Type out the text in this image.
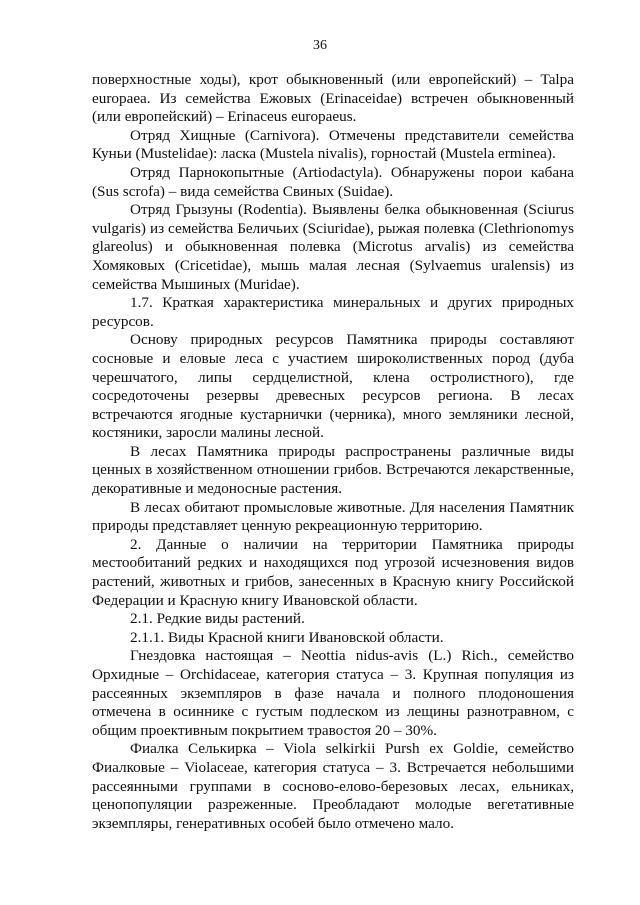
36

поверхностные ходы), крот обыкновенный (или европейский) – Talpa europaea. Из семейства Ежовых (Erinaceidae) встречен обыкновенный (или европейский) – Erinaceus europaeus.

Отряд Хищные (Carnivora). Отмечены представители семейства Куньи (Mustelidae): ласка (Mustela nivalis), горностай (Mustela erminea).

Отряд Парнокопытные (Artiodactyla). Обнаружены порои кабана (Sus scrofa) – вида семейства Свиных (Suidae).

Отряд Грызуны (Rodentia). Выявлены белка обыкновенная (Sciurus vulgaris) из семейства Беличьих (Sciuridae), рыжая полевка (Clethrionomys glareolus) и обыкновенная полевка (Microtus arvalis) из семейства Хомяковых (Cricetidae), мышь малая лесная (Sylvaemus uralensis) из семейства Мышиных (Muridae).

1.7. Краткая характеристика минеральных и других природных ресурсов.

Основу природных ресурсов Памятника природы составляют сосновые и еловые леса с участием широколиственных пород (дуба черешчатого, липы сердцелистной, клена остролистного), где сосредоточены резервы древесных ресурсов региона. В лесах встречаются ягодные кустарнички (черника), много земляники лесной, костяники, заросли малины лесной.

В лесах Памятника природы распространены различные виды ценных в хозяйственном отношении грибов. Встречаются лекарственные, декоративные и медоносные растения.

В лесах обитают промысловые животные. Для населения Памятник природы представляет ценную рекреационную территорию.

2. Данные о наличии на территории Памятника природы местообитаний редких и находящихся под угрозой исчезновения видов растений, животных и грибов, занесенных в Красную книгу Российской Федерации и Красную книгу Ивановской области.

2.1. Редкие виды растений.

2.1.1. Виды Красной книги Ивановской области.

Гнездовка настоящая – Neottia nidus-avis (L.) Rich., семейство Орхидные – Orchidaceae, категория статуса – 3. Крупная популяция из рассеянных экземпляров в фазе начала и полного плодоношения отмечена в осиннике с густым подлеском из лещины разнотравном, с общим проективным покрытием травостоя 20 – 30%.

Фиалка Селькирка – Viola selkirkii Pursh ex Goldie, семейство Фиалковые – Violaceae, категория статуса – 3. Встречается небольшими рассеянными группами в сосново-елово-березовых лесах, ельниках, ценопопуляции разреженные. Преобладают молодые вегетативные экземпляры, генеративных особей было отмечено мало.
